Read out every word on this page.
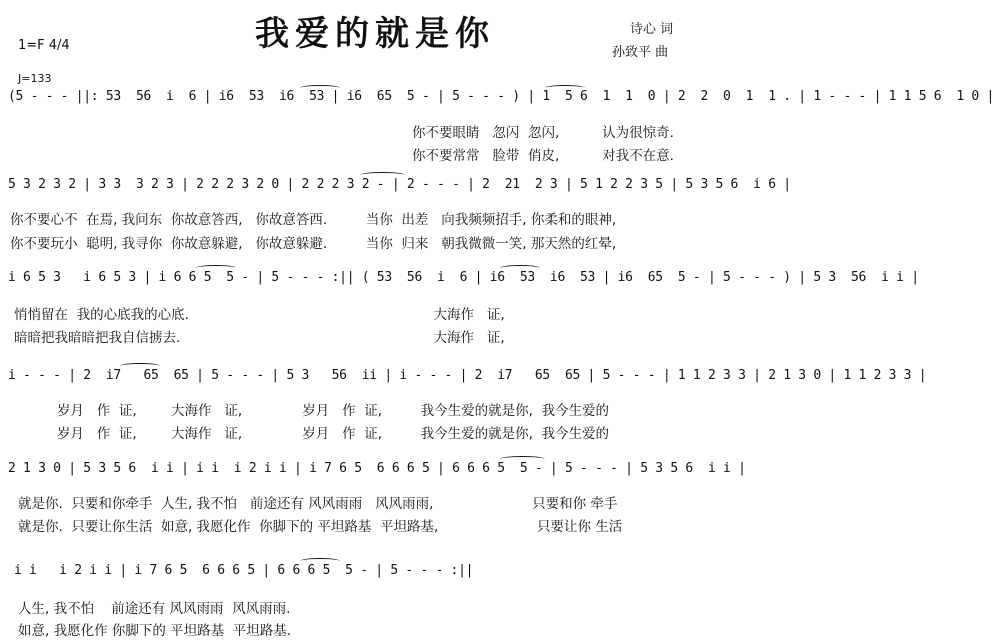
我爱的就是你	诗心 词
孙致平 曲
1=F 4/4
J=133
(5 - - - ||: 53  56  i  6 | i6  53  i6  53 | i6  65  5 - | 5 - - - ) | 1  5 6  1  1  0 | 2  2  0  1  1 . | 1 - - - | 1 1 5 6  1 0 |
你不要眼睛   忽闪  忽闪,          认为很惊奇.
你不要常常   脸带  俏皮,          对我不在意.
5 3 2 3 2 | 3 3  3 2 3 | 2 2 2 3 2 0 | 2 2 2 3 2 - | 2 - - - | 2  21  2 3 | 5 1 2 2 3 5 | 5 3 5 6  i 6 |
你不要心不  在焉, 我问东  你故意答西,   你故意答西.         当你  出差   向我频频招手, 你柔和的眼神,
你不要玩小  聪明, 我寻你  你故意躲避,   你故意躲避.         当你  归来   朝我微微一笑, 那天然的红晕,
i 6 5 3   i 6 5 3 | i 6 6 5  5 - | 5 - - - :|| ( 53  56  i  6 | i6  53  i6  53 | i6  65  5 - | 5 - - - ) | 5 3  56  i i |
悄悄留在  我的心底我的心底.                                                         大海作   证,
暗暗把我暗暗把我自信掳去.                                                           大海作   证,
i - - - | 2  i7   65  65 | 5 - - - | 5 3   56  ii | i - - - | 2  i7   65  65 | 5 - - - | 1 1 2 3 3 | 2 1 3 0 | 1 1 2 3 3 |
岁月   作  证,        大海作   证,              岁月   作  证,         我今生爱的就是你,  我今生爱的
岁月   作  证,        大海作   证,              岁月   作  证,         我今生爱的就是你,  我今生爱的
2 1 3 0 | 5 3 5 6  i i | i i  i 2 i i | i 7 6 5  6 6 6 5 | 6 6 6 5  5 - | 5 - - - | 5 3 5 6  i i |
就是你.  只要和你牵手  人生, 我不怕   前途还有 风风雨雨   风风雨雨,                       只要和你 牵手
就是你.  只要让你生活  如意, 我愿化作  你脚下的 平坦路基  平坦路基,                       只要让你 生活
i i   i 2 i i | i 7 6 5  6 6 6 5 | 6 6 6 5  5 - | 5 - - - :||
人生, 我不怕    前途还有 风风雨雨  风风雨雨.
如意, 我愿化作 你脚下的 平坦路基  平坦路基.
